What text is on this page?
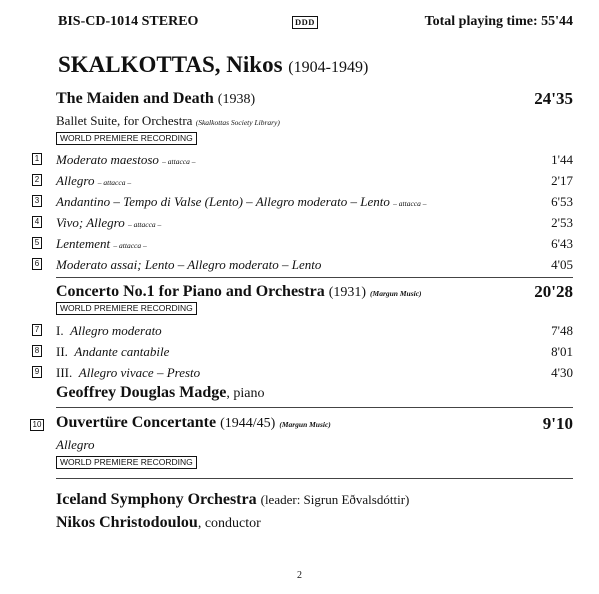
BIS-CD-1014 STEREO	DDD	Total playing time: 55'44
SKALKOTTAS, Nikos (1904-1949)
The Maiden and Death (1938)	24'35
Ballet Suite, for Orchestra (Skalkottas Society Library)
WORLD PREMIERE RECORDING
1 Moderato maestoso – attacca –	1'44
2 Allegro – attacca –	2'17
3 Andantino – Tempo di Valse (Lento) – Allegro moderato – Lento – attacca –	6'53
4 Vivo; Allegro – attacca –	2'53
5 Lentement – attacca –	6'43
6 Moderato assai; Lento – Allegro moderato – Lento	4'05
Concerto No.1 for Piano and Orchestra (1931) (Margun Music)	20'28
WORLD PREMIERE RECORDING
7 I. Allegro moderato	7'48
8 II. Andante cantabile	8'01
9 III. Allegro vivace – Presto	4'30
Geoffrey Douglas Madge, piano
10 Ouvertüre Concertante (1944/45) (Margun Music)	9'10
Allegro
WORLD PREMIERE RECORDING
Iceland Symphony Orchestra (leader: Sigrun Eðvalsdóttir)
Nikos Christodoulou, conductor
2
